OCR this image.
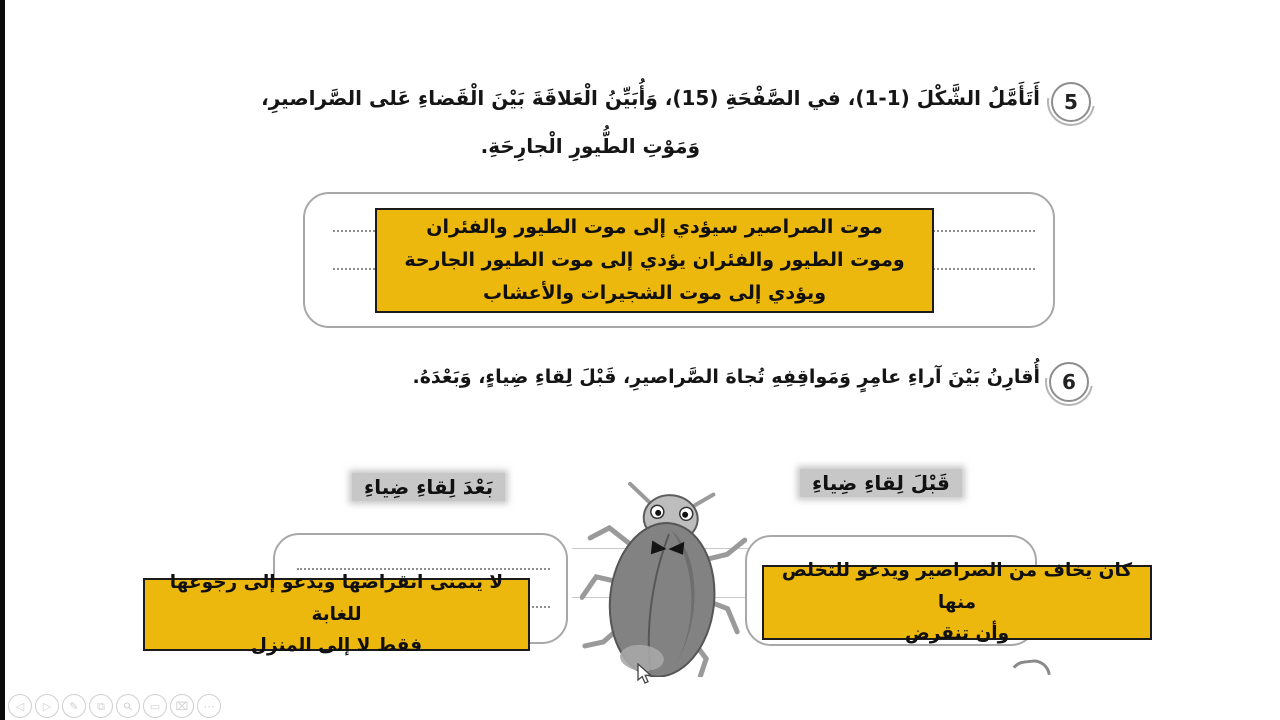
5
أَتَأَمَّلُ الشَّكْلَ (1-1)، في الصَّفْحَةِ (15)، وَأُبَيِّنُ الْعَلاقَةَ بَيْنَ الْقَضاءِ عَلى الصَّراصيرِ،
وَمَوْتِ الطُّيورِ الْجارِحَةِ.
موت الصراصير سيؤدي إلى موت الطيور والفئران
وموت الطيور والفئران يؤدي إلى موت الطيور الجارحة
ويؤدي إلى موت الشجيرات والأعشاب
6
أُقارِنُ بَيْنَ آراءِ عامِرٍ وَمَواقِفِهِ تُجاهَ الصَّراصيرِ، قَبْلَ لِقاءِ ضِياءٍ، وَبَعْدَهُ.
بَعْدَ لِقاءِ ضِياءِ	قَبْلَ لِقاءِ ضِياءِ
كان يخاف من الصراصير ويدعو للتخلص منها
وأن تنقرض
لا يتمنى انقراضها ويدعو إلى رجوعها للغابة
فقط لا إلى المنزل
◁ ▷ ✎ ⧉ ⚲ ▭ ⌧ ⋯
